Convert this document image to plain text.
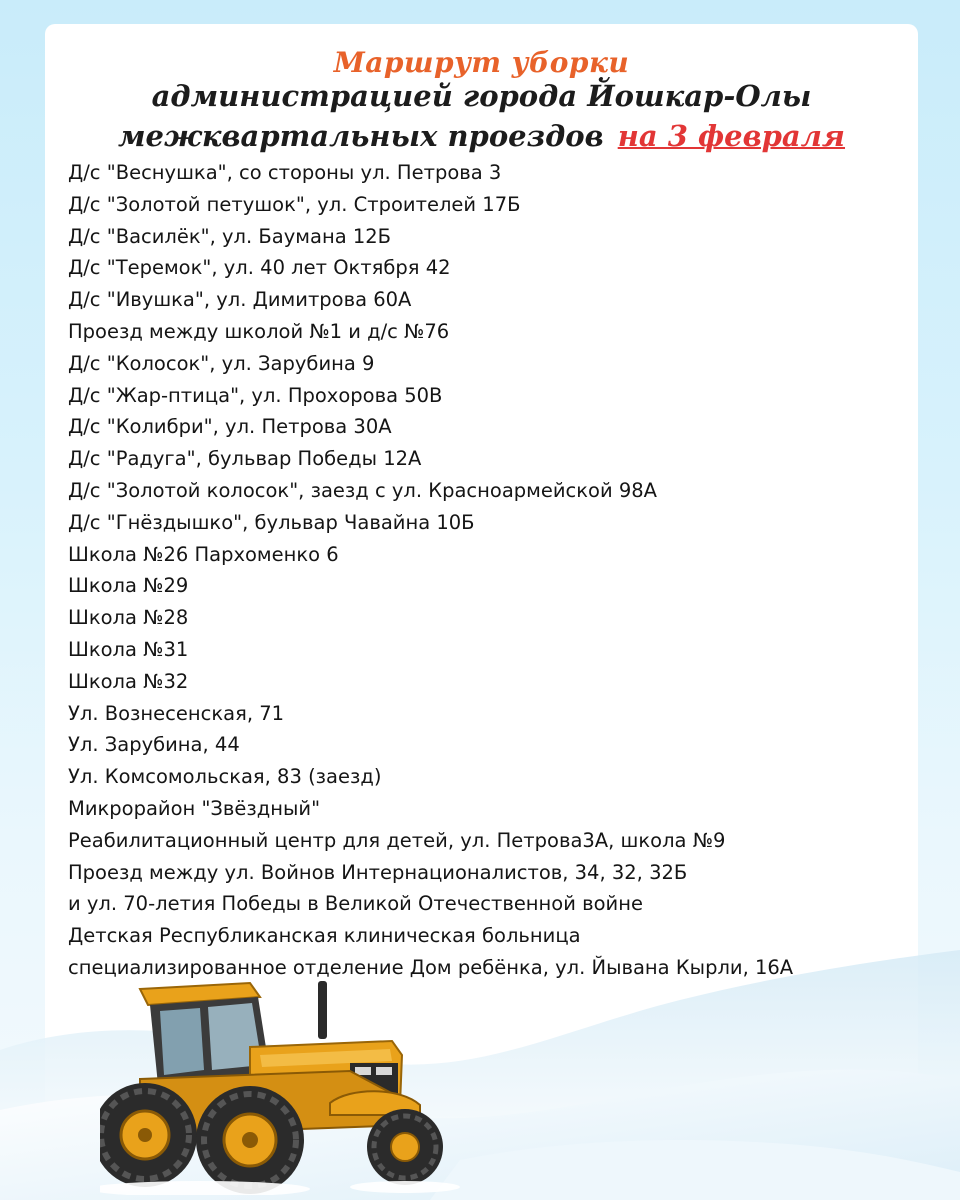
Маршрут уборки
администрацией города Йошкар-Олы
межквартальных проездов на 3 февраля
Д/с "Веснушка", со стороны ул. Петрова 3
Д/с "Золотой петушок", ул. Строителей 17Б
Д/с "Василёк", ул. Баумана 12Б
Д/с "Теремок", ул. 40 лет Октября 42
Д/с "Ивушка", ул. Димитрова 60А
Проезд между школой №1 и д/с №76
Д/с "Колосок", ул. Зарубина 9
Д/с "Жар-птица", ул. Прохорова 50В
Д/с "Колибри", ул. Петрова 30А
Д/с "Радуга", бульвар Победы 12А
Д/с "Золотой колосок", заезд с ул. Красноармейской 98А
Д/с "Гнёздышко", бульвар Чавайна 10Б
Школа №26 Пархоменко 6
Школа №29
Школа №28
Школа №31
Школа №32
Ул. Вознесенская, 71
Ул. Зарубина, 44
Ул. Комсомольская, 83 (заезд)
Микрорайон "Звёздный"
Реабилитационный центр для детей, ул. Петрова3А, школа №9
Проезд между ул. Войнов Интернационалистов, 34, 32, 32Б
и ул. 70-летия Победы в Великой Отечественной войне
Детская Республиканская клиническая больница
специализированное отделение Дом ребёнка, ул. Йывана Кырли, 16А
